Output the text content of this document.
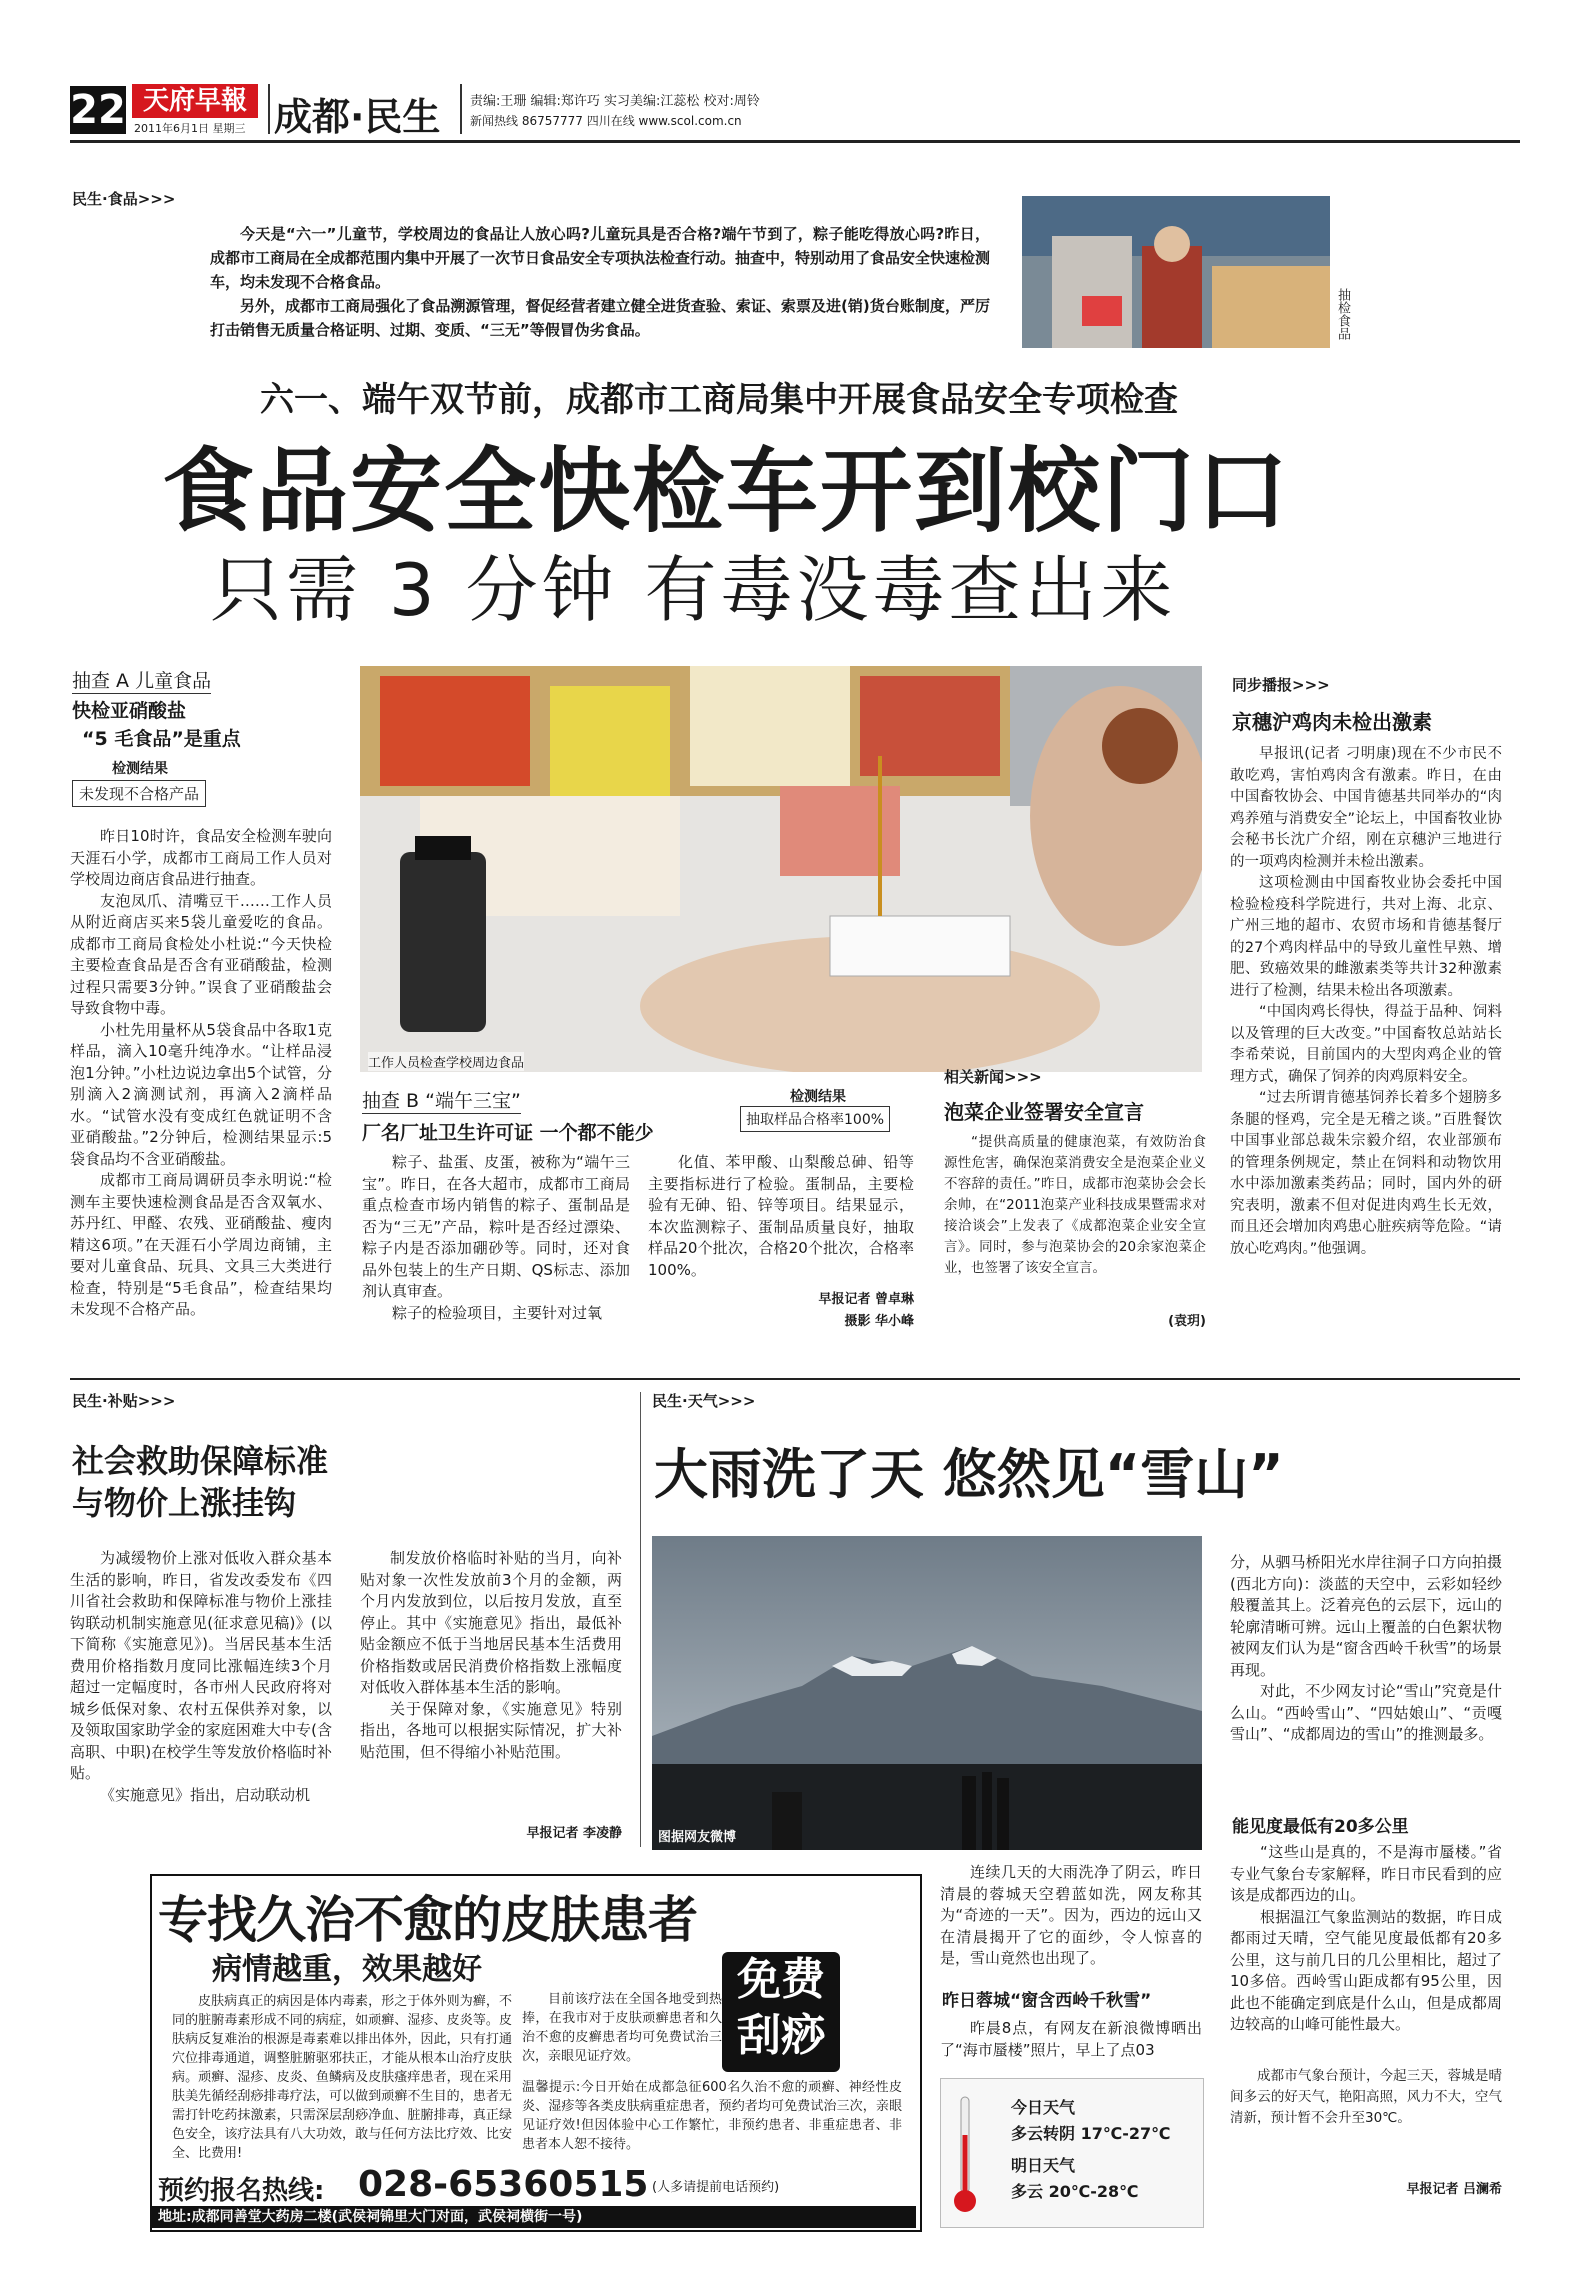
22 天府早報
2011年6月1日 星期三 成都·民生 责编:王珊 编辑:郑许巧 实习美编:江蕊松 校对:周铃
新闻热线 86757777 四川在线 www.scol.com.cn
民生·食品>>>

今天是“六一”儿童节，学校周边的食品让人放心吗?儿童玩具是否合格?端午节到了，粽子能吃得放心吗?昨日，成都市工商局在全成都范围内集中开展了一次节日食品安全专项执法检查行动。抽查中，特别动用了食品安全快速检测车，均未发现不合格食品。

另外，成都市工商局强化了食品溯源管理，督促经营者建立健全进货查验、索证、索票及进(销)货台账制度，严厉打击销售无质量合格证明、过期、变质、“三无”等假冒伪劣食品。	抽检食品
六一、端午双节前，成都市工商局集中开展食品安全专项检查
食品安全快检车开到校门口
只需 3 分钟 有毒没毒查出来
抽查 A 儿童食品
快检亚硝酸盐
“5 毛食品”是重点
检测结果
未发现不合格产品

昨日10时许，食品安全检测车驶向天涯石小学，成都市工商局工作人员对学校周边商店食品进行抽查。

友泡凤爪、清嘴豆干……工作人员从附近商店买来5袋儿童爱吃的食品。成都市工商局食检处小杜说:“今天快检主要检查食品是否含有亚硝酸盐，检测过程只需要3分钟。”误食了亚硝酸盐会导致食物中毒。

小杜先用量杯从5袋食品中各取1克样品，滴入10毫升纯净水。“让样品浸泡1分钟。”小杜边说边拿出5个试管，分别滴入2滴测试剂，再滴入2滴样品水。“试管水没有变成红色就证明不含亚硝酸盐。”2分钟后，检测结果显示:5袋食品均不含亚硝酸盐。

成都市工商局调研员李永明说:“检测车主要快速检测食品是否含双氧水、苏丹红、甲醛、农残、亚硝酸盐、瘦肉精这6项。”在天涯石小学周边商铺，主要对儿童食品、玩具、文具三大类进行检查，特别是“5毛食品”，检查结果均未发现不合格产品。

工作人员检查学校周边食品
抽查 B “端午三宝”
厂名厂址卫生许可证 一个都不能少
检测结果
抽取样品合格率100%

粽子、盐蛋、皮蛋，被称为“端午三宝”。昨日，在各大超市，成都市工商局重点检查市场内销售的粽子、蛋制品是否为“三无”产品，粽叶是否经过漂染、粽子内是否添加硼砂等。同时，还对食品外包装上的生产日期、QS标志、添加剂认真审查。

粽子的检验项目，主要针对过氧

化值、苯甲酸、山梨酸总砷、铅等主要指标进行了检验。蛋制品，主要检验有无砷、铅、锌等项目。结果显示，本次监测粽子、蛋制品质量良好，抽取样品20个批次，合格20个批次，合格率100%。

早报记者 曾卓琳
摄影 华小峰
相关新闻>>>
泡菜企业签署安全宣言

“提供高质量的健康泡菜，有效防治食源性危害，确保泡菜消费安全是泡菜企业义不容辞的责任。”昨日，成都市泡菜协会会长余帅，在“2011泡菜产业科技成果暨需求对接洽谈会”上发表了《成都泡菜企业安全宣言》。同时，参与泡菜协会的20余家泡菜企业，也签署了该安全宣言。

(袁玥)
同步播报>>>
京穗沪鸡肉未检出激素

早报讯(记者 刁明康)现在不少市民不敢吃鸡，害怕鸡肉含有激素。昨日，在由中国畜牧协会、中国肯德基共同举办的“肉鸡养殖与消费安全”论坛上，中国畜牧业协会秘书长沈广介绍，刚在京穗沪三地进行的一项鸡肉检测并未检出激素。

这项检测由中国畜牧业协会委托中国检验检疫科学院进行，共对上海、北京、广州三地的超市、农贸市场和肯德基餐厅的27个鸡肉样品中的导致儿童性早熟、增肥、致癌效果的雌激素类等共计32种激素进行了检测，结果未检出各项激素。

“中国肉鸡长得快，得益于品种、饲料以及管理的巨大改变。”中国畜牧总站站长李希荣说，目前国内的大型肉鸡企业的管理方式，确保了饲养的肉鸡原料安全。

“过去所谓肯德基饲养长着多个翅膀多条腿的怪鸡，完全是无稽之谈。”百胜餐饮中国事业部总裁朱宗毅介绍，农业部颁布的管理条例规定，禁止在饲料和动物饮用水中添加激素类药品；同时，国内外的研究表明，激素不但对促进肉鸡生长无效，而且还会增加肉鸡患心脏疾病等危险。“请放心吃鸡肉。”他强调。

民生·补贴>>>
社会救助保障标准
与物价上涨挂钩

为减缓物价上涨对低收入群众基本生活的影响，昨日，省发改委发布《四川省社会救助和保障标准与物价上涨挂钩联动机制实施意见(征求意见稿)》(以下简称《实施意见》)。当居民基本生活费用价格指数月度同比涨幅连续3个月超过一定幅度时，各市州人民政府将对城乡低保对象、农村五保供养对象，以及领取国家助学金的家庭困难大中专(含高职、中职)在校学生等发放价格临时补贴。

《实施意见》指出，启动联动机

制发放价格临时补贴的当月，向补贴对象一次性发放前3个月的金额，两个月内发放到位，以后按月发放，直至停止。其中《实施意见》指出，最低补贴金额应不低于当地居民基本生活费用价格指数或居民消费价格指数上涨幅度对低收入群体基本生活的影响。

关于保障对象，《实施意见》特别指出，各地可以根据实际情况，扩大补贴范围，但不得缩小补贴范围。

早报记者 李凌静
民生·天气>>>
大雨洗了天 悠然见“雪山”
图据网友微博

分，从驷马桥阳光水岸往洞子口方向拍摄(西北方向)：淡蓝的天空中，云彩如轻纱般覆盖其上。泛着亮色的云层下，远山的轮廓清晰可辨。远山上覆盖的白色絮状物被网友们认为是“窗含西岭千秋雪”的场景再现。

对此，不少网友讨论“雪山”究竟是什么山。“西岭雪山”、“四姑娘山”、“贡嘎雪山”、“成都周边的雪山”的推测最多。

能见度最低有20多公里

“这些山是真的，不是海市蜃楼。”省专业气象台专家解释，昨日市民看到的应该是成都西边的山。

根据温江气象监测站的数据，昨日成都雨过天晴，空气能见度最低都有20多公里，这与前几日的几公里相比，超过了10多倍。西岭雪山距成都有95公里，因此也不能确定到底是什么山，但是成都周边较高的山峰可能性最大。

成都市气象台预计，今起三天，蓉城是晴间多云的好天气，艳阳高照，风力不大，空气清新，预计暂不会升至30℃。

早报记者 吕澜希

连续几天的大雨洗净了阴云，昨日清晨的蓉城天空碧蓝如洗，网友称其为“奇迹的一天”。因为，西边的远山又在清晨揭开了它的面纱，令人惊喜的是，雪山竟然也出现了。

昨日蓉城“窗含西岭千秋雪”

昨晨8点，有网友在新浪微博晒出了“海市蜃楼”照片，早上了点03

今日天气
多云转阴 17℃-27℃
明日天气
多云 20℃-28℃
专找久治不愈的皮肤患者
病情越重，效果越好	免费
刮痧

皮肤病真正的病因是体内毒素，形之于体外则为癣，不同的脏腑毒素形成不同的病症，如顽癣、湿疹、皮炎等。皮肤病反复难治的根源是毒素难以排出体外，因此，只有打通穴位排毒通道，调整脏腑驱邪扶正，才能从根本山治疗皮肤病。顽癣、湿疹、皮炎、鱼鳞病及皮肤瘙痒患者，现在采用肤美先循经刮痧排毒疗法，可以做到顽癣不生目的，患者无需打针吃药抹激素，只需深层刮痧净血、脏腑排毒，真正绿色安全，该疗法具有八大功效，敢与任何方法比疗效、比安全、比费用!

目前该疗法在全国各地受到热捧，在我市对于皮肤顽癣患者和久治不愈的皮癣患者均可免费试治三次，亲眼见证疗效。

温馨提示:今日开始在成都急征600名久治不愈的顽癣、神经性皮炎、湿疹等各类皮肤病重症患者，预约者均可免费试治三次，亲眼见证疗效!但因体验中心工作繁忙，非预约患者、非重症患者、非患者本人恕不接待。

预约报名热线: 028-65360515 (人多请提前电话预约)
地址:成都同善堂大药房二楼(武侯祠锦里大门对面，武侯祠横街一号)
